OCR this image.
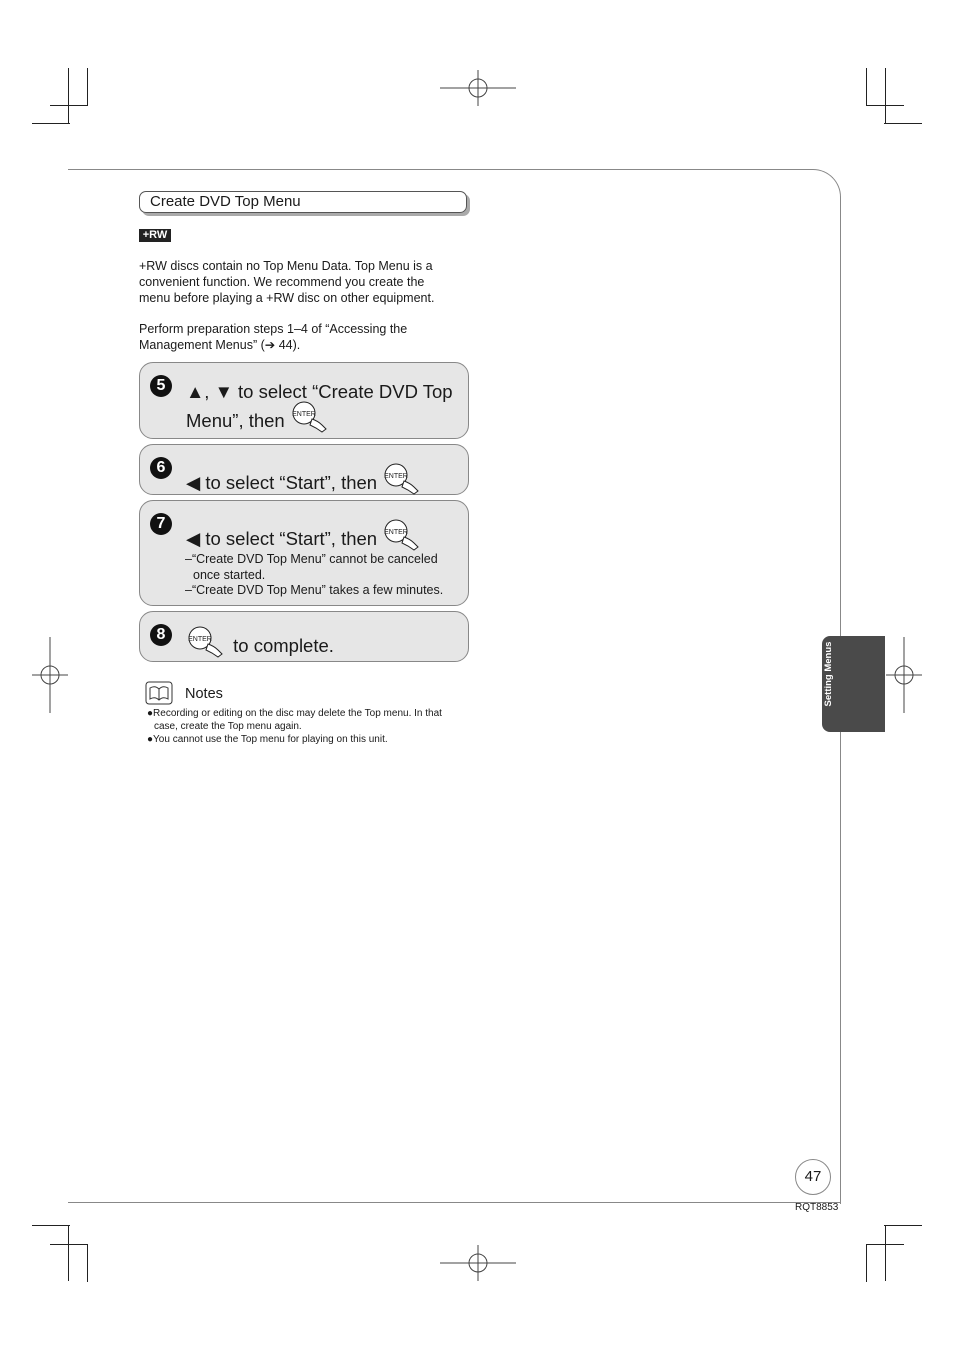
Create DVD Top Menu
+RW
+RW discs contain no Top Menu Data. Top Menu is a
convenient function. We recommend you create the
menu before playing a +RW disc on other equipment.
Perform preparation steps 1–4 of “Accessing the
Management Menus” (➔ 44).
5	▲, ▼ to select “Create DVD Top
Menu”, then ENTER
6
◀ to select “Start”, then ENTER
7
◀ to select “Start”, then ENTER
–“Create DVD Top Menu” cannot be canceled
once started.
–“Create DVD Top Menu” takes a few minutes.
8	ENTER to complete.
Notes
●Recording or editing on the disc may delete the Top menu. In that
case, create the Top menu again.
●You cannot use the Top menu for playing on this unit.
Setting Menus
47
RQT8853
